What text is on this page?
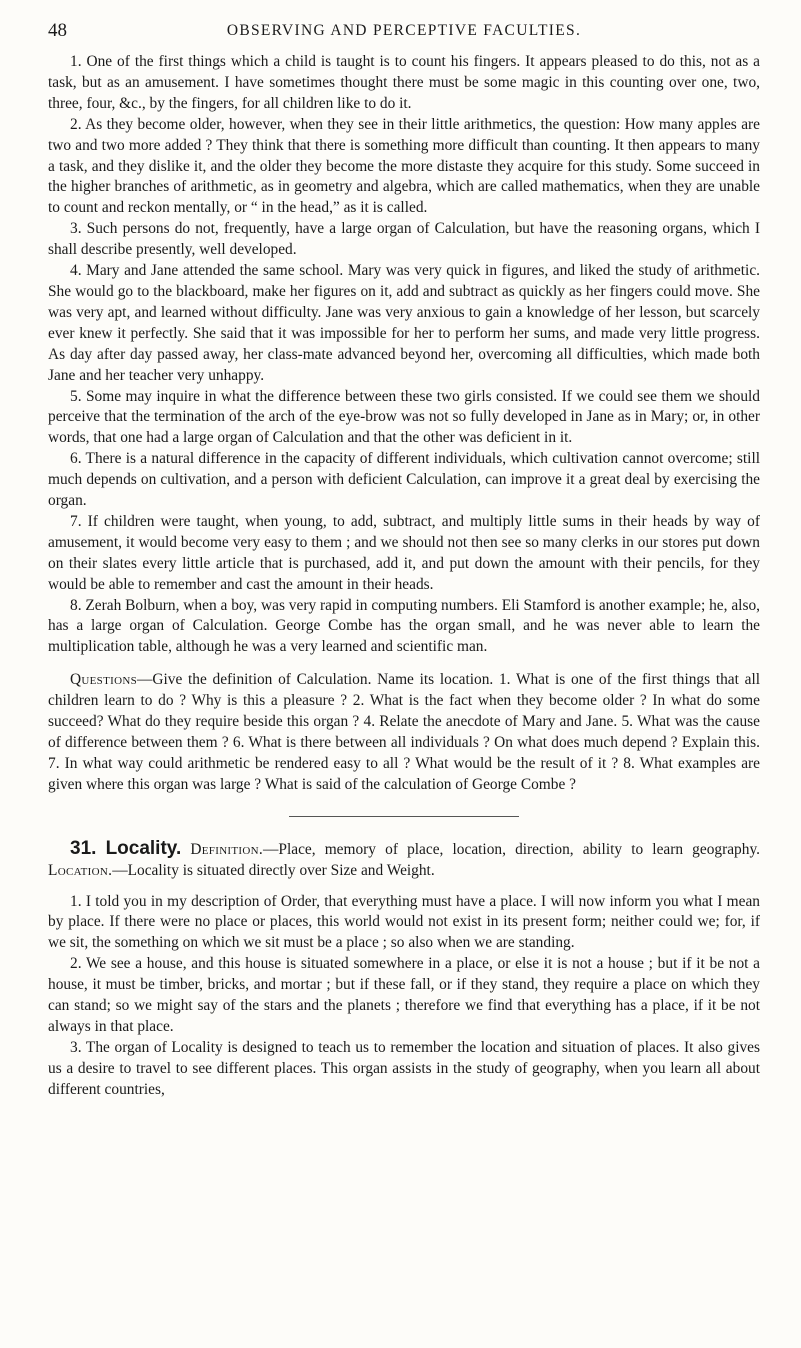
48	OBSERVING AND PERCEPTIVE FACULTIES.

1. One of the first things which a child is taught is to count his fingers. It appears pleased to do this, not as a task, but as an amusement. I have sometimes thought there must be some magic in this counting over one, two, three, four, &c., by the fingers, for all children like to do it.

2. As they become older, however, when they see in their little arithmetics, the question: How many apples are two and two more added ? They think that there is something more difficult than counting. It then appears to many a task, and they dislike it, and the older they become the more distaste they acquire for this study. Some succeed in the higher branches of arithmetic, as in geometry and algebra, which are called mathematics, when they are unable to count and reckon mentally, or “ in the head,” as it is called.

3. Such persons do not, frequently, have a large organ of Calculation, but have the reasoning organs, which I shall describe presently, well developed.

4. Mary and Jane attended the same school. Mary was very quick in figures, and liked the study of arithmetic. She would go to the blackboard, make her figures on it, add and subtract as quickly as her fingers could move. She was very apt, and learned without difficulty. Jane was very anxious to gain a knowledge of her lesson, but scarcely ever knew it perfectly. She said that it was impossible for her to perform her sums, and made very little progress. As day after day passed away, her class-mate advanced beyond her, overcoming all difficulties, which made both Jane and her teacher very unhappy.

5. Some may inquire in what the difference between these two girls consisted. If we could see them we should perceive that the termination of the arch of the eye-brow was not so fully developed in Jane as in Mary; or, in other words, that one had a large organ of Calculation and that the other was deficient in it.

6. There is a natural difference in the capacity of different individuals, which cultivation cannot overcome; still much depends on cultivation, and a person with deficient Calculation, can improve it a great deal by exercising the organ.

7. If children were taught, when young, to add, subtract, and multiply little sums in their heads by way of amusement, it would become very easy to them ; and we should not then see so many clerks in our stores put down on their slates every little article that is purchased, add it, and put down the amount with their pencils, for they would be able to remember and cast the amount in their heads.

8. Zerah Bolburn, when a boy, was very rapid in computing numbers. Eli Stamford is another example; he, also, has a large organ of Calculation. George Combe has the organ small, and he was never able to learn the multiplication table, although he was a very learned and scientific man.

Questions—Give the definition of Calculation. Name its location. 1. What is one of the first things that all children learn to do ? Why is this a pleasure ? 2. What is the fact when they become older ? In what do some succeed? What do they require beside this organ ? 4. Relate the anecdote of Mary and Jane. 5. What was the cause of difference between them ? 6. What is there between all individuals ? On what does much depend ? Explain this. 7. In what way could arithmetic be rendered easy to all ? What would be the result of it ? 8. What examples are given where this organ was large ? What is said of the calculation of George Combe ?

31. Locality. Definition.—Place, memory of place, location, direction, ability to learn geography. Location.—Locality is situated directly over Size and Weight.

1. I told you in my description of Order, that everything must have a place. I will now inform you what I mean by place. If there were no place or places, this world would not exist in its present form; neither could we; for, if we sit, the something on which we sit must be a place ; so also when we are standing.

2. We see a house, and this house is situated somewhere in a place, or else it is not a house ; but if it be not a house, it must be timber, bricks, and mortar ; but if these fall, or if they stand, they require a place on which they can stand; so we might say of the stars and the planets ; therefore we find that everything has a place, if it be not always in that place.

3. The organ of Locality is designed to teach us to remember the location and situation of places. It also gives us a desire to travel to see different places. This organ assists in the study of geography, when you learn all about different countries,
